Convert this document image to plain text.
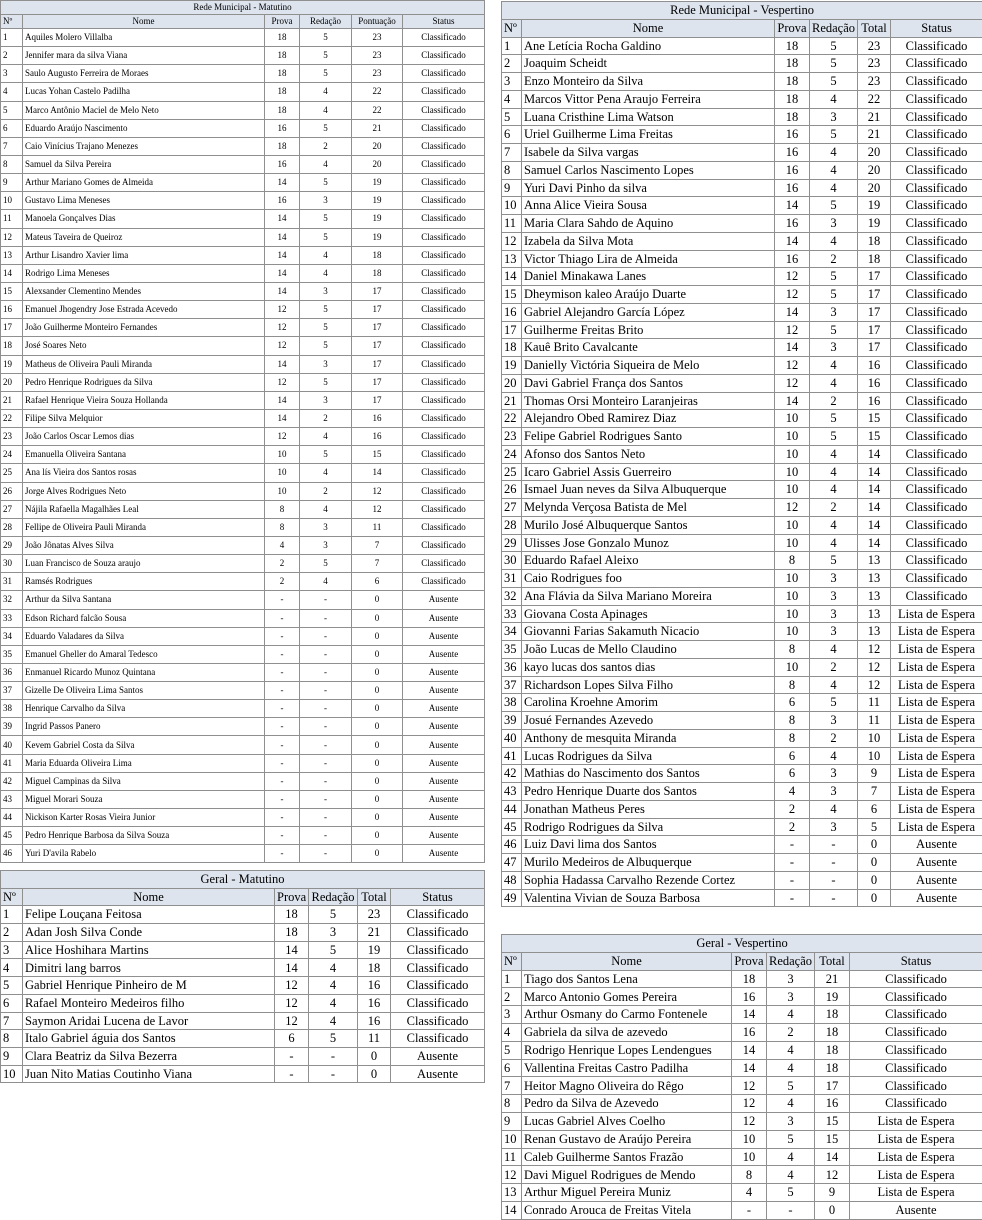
Rede Municipal - Matutino					
Nº	Nome	Prova	Redação	Pontuação	Status
1	Aquiles Molero Villalba	18	5	23	Classificado
2	Jennifer mara da silva Viana	18	5	23	Classificado
3	Saulo Augusto Ferreira de Moraes	18	5	23	Classificado
4	Lucas Yohan Castelo Padilha	18	4	22	Classificado
5	Marco Antônio Maciel de Melo Neto	18	4	22	Classificado
6	Eduardo Araújo Nascimento	16	5	21	Classificado
7	Caio Vinícius Trajano Menezes	18	2	20	Classificado
8	Samuel da Silva Pereira	16	4	20	Classificado
9	Arthur Mariano Gomes de Almeida	14	5	19	Classificado
10	Gustavo Lima Meneses	16	3	19	Classificado
11	Manoela Gonçalves Dias	14	5	19	Classificado
12	Mateus Taveira de Queiroz	14	5	19	Classificado
13	Arthur Lisandro Xavier lima	14	4	18	Classificado
14	Rodrigo Lima Meneses	14	4	18	Classificado
15	Alexsander Clementino Mendes	14	3	17	Classificado
16	Emanuel Jhogendry Jose Estrada Acevedo	12	5	17	Classificado
17	João Guilherme Monteiro Fernandes	12	5	17	Classificado
18	José Soares Neto	12	5	17	Classificado
19	Matheus de Oliveira Pauli Miranda	14	3	17	Classificado
20	Pedro Henrique Rodrigues da Silva	12	5	17	Classificado
21	Rafael Henrique Vieira Souza Hollanda	14	3	17	Classificado
22	Filipe Silva Melquior	14	2	16	Classificado
23	João Carlos Oscar Lemos dias	12	4	16	Classificado
24	Emanuella Oliveira Santana	10	5	15	Classificado
25	Ana lís Vieira dos Santos rosas	10	4	14	Classificado
26	Jorge Alves Rodrigues Neto	10	2	12	Classificado
27	Nájila Rafaella Magalhães Leal	8	4	12	Classificado
28	Fellipe de Oliveira Pauli Miranda	8	3	11	Classificado
29	João Jônatas Alves Silva	4	3	7	Classificado
30	Luan Francisco de Souza araujo	2	5	7	Classificado
31	Ramsés Rodrigues	2	4	6	Classificado
32	Arthur da Silva Santana	-	-	0	Ausente
33	Edson Richard falcão Sousa	-	-	0	Ausente
34	Eduardo Valadares da Silva	-	-	0	Ausente
35	Emanuel Gheller do Amaral Tedesco	-	-	0	Ausente
36	Enmanuel Ricardo Munoz Quintana	-	-	0	Ausente
37	Gizelle De Oliveira Lima Santos	-	-	0	Ausente
38	Henrique Carvalho da Silva	-	-	0	Ausente
39	Ingrid Passos Panero	-	-	0	Ausente
40	Kevem Gabriel Costa da Silva	-	-	0	Ausente
41	Maria Eduarda Oliveira Lima	-	-	0	Ausente
42	Miguel Campinas da Silva	-	-	0	Ausente
43	Miguel Morari Souza	-	-	0	Ausente
44	Nickison Karter Rosas Vieira Junior	-	-	0	Ausente
45	Pedro Henrique Barbosa da Silva Souza	-	-	0	Ausente
46	Yuri D'avila Rabelo	-	-	0	Ausente
Rede Municipal - Vespertino					
Nº	Nome	Prova	Redação	Total	Status
1	Ane Letícia Rocha Galdino	18	5	23	Classificado
2	Joaquim Scheidt	18	5	23	Classificado
3	Enzo Monteiro da Silva	18	5	23	Classificado
4	Marcos Vittor Pena Araujo Ferreira	18	4	22	Classificado
5	Luana Cristhine Lima Watson	18	3	21	Classificado
6	Uriel Guilherme Lima Freitas	16	5	21	Classificado
7	Isabele da Silva vargas	16	4	20	Classificado
8	Samuel Carlos Nascimento Lopes	16	4	20	Classificado
9	Yuri Davi Pinho da silva	16	4	20	Classificado
10	Anna Alice Vieira Sousa	14	5	19	Classificado
11	Maria Clara Sahdo de Aquino	16	3	19	Classificado
12	Izabela da Silva Mota	14	4	18	Classificado
13	Victor Thiago Lira de Almeida	16	2	18	Classificado
14	Daniel Minakawa Lanes	12	5	17	Classificado
15	Dheymison kaleo Araújo Duarte	12	5	17	Classificado
16	Gabriel Alejandro García López	14	3	17	Classificado
17	Guilherme Freitas Brito	12	5	17	Classificado
18	Kauê Brito Cavalcante	14	3	17	Classificado
19	Danielly Victória Siqueira de Melo	12	4	16	Classificado
20	Davi Gabriel França dos Santos	12	4	16	Classificado
21	Thomas Orsi Monteiro Laranjeiras	14	2	16	Classificado
22	Alejandro Obed Ramirez Diaz	10	5	15	Classificado
23	Felipe Gabriel Rodrigues Santo	10	5	15	Classificado
24	Afonso dos Santos Neto	10	4	14	Classificado
25	Icaro Gabriel Assis Guerreiro	10	4	14	Classificado
26	Ismael Juan neves da Silva Albuquerque	10	4	14	Classificado
27	Melynda Verçosa Batista de Mel	12	2	14	Classificado
28	Murilo José Albuquerque Santos	10	4	14	Classificado
29	Ulisses Jose Gonzalo Munoz	10	4	14	Classificado
30	Eduardo Rafael Aleixo	8	5	13	Classificado
31	Caio Rodrigues foo	10	3	13	Classificado
32	Ana Flávia da Silva Mariano Moreira	10	3	13	Classificado
33	Giovana Costa Apinages	10	3	13	Lista de Espera
34	Giovanni Farias Sakamuth Nicacio	10	3	13	Lista de Espera
35	João Lucas de Mello Claudino	8	4	12	Lista de Espera
36	kayo lucas dos santos dias	10	2	12	Lista de Espera
37	Richardson Lopes Silva Filho	8	4	12	Lista de Espera
38	Carolina Kroehne Amorim	6	5	11	Lista de Espera
39	Josué Fernandes Azevedo	8	3	11	Lista de Espera
40	Anthony de mesquita Miranda	8	2	10	Lista de Espera
41	Lucas Rodrigues da Silva	6	4	10	Lista de Espera
42	Mathias do Nascimento dos Santos	6	3	9	Lista de Espera
43	Pedro Henrique Duarte dos Santos	4	3	7	Lista de Espera
44	Jonathan Matheus Peres	2	4	6	Lista de Espera
45	Rodrigo Rodrigues da Silva	2	3	5	Lista de Espera
46	Luiz Davi lima dos Santos	-	-	0	Ausente
47	Murilo Medeiros de Albuquerque	-	-	0	Ausente
48	Sophia Hadassa Carvalho Rezende Cortez	-	-	0	Ausente
49	Valentina Vivian de Souza Barbosa	-	-	0	Ausente
Geral - Matutino					
Nº	Nome	Prova	Redação	Total	Status
1	Felipe Louçana Feitosa	18	5	23	Classificado
2	Adan Josh Silva Conde	18	3	21	Classificado
3	Alice Hoshihara Martins	14	5	19	Classificado
4	Dimitri lang barros	14	4	18	Classificado
5	Gabriel Henrique Pinheiro de M	12	4	16	Classificado
6	Rafael Monteiro Medeiros filho	12	4	16	Classificado
7	Saymon Aridai Lucena de Lavor	12	4	16	Classificado
8	Italo Gabriel águia dos Santos	6	5	11	Classificado
9	Clara Beatriz da Silva Bezerra	-	-	0	Ausente
10	Juan Nito Matias Coutinho Viana	-	-	0	Ausente
Geral - Vespertino					
Nº	Nome	Prova	Redação	Total	Status
1	Tiago dos Santos Lena	18	3	21	Classificado
2	Marco Antonio Gomes Pereira	16	3	19	Classificado
3	Arthur Osmany do Carmo Fontenele	14	4	18	Classificado
4	Gabriela da silva de azevedo	16	2	18	Classificado
5	Rodrigo Henrique Lopes Lendengues	14	4	18	Classificado
6	Vallentina Freitas Castro Padilha	14	4	18	Classificado
7	Heitor Magno Oliveira do Rêgo	12	5	17	Classificado
8	Pedro da Silva de Azevedo	12	4	16	Classificado
9	Lucas Gabriel Alves Coelho	12	3	15	Lista de Espera
10	Renan Gustavo de Araújo Pereira	10	5	15	Lista de Espera
11	Caleb Guilherme Santos Frazão	10	4	14	Lista de Espera
12	Davi Miguel Rodrigues de Mendo	8	4	12	Lista de Espera
13	Arthur Miguel Pereira Muniz	4	5	9	Lista de Espera
14	Conrado Arouca de Freitas Vitela	-	-	0	Ausente
